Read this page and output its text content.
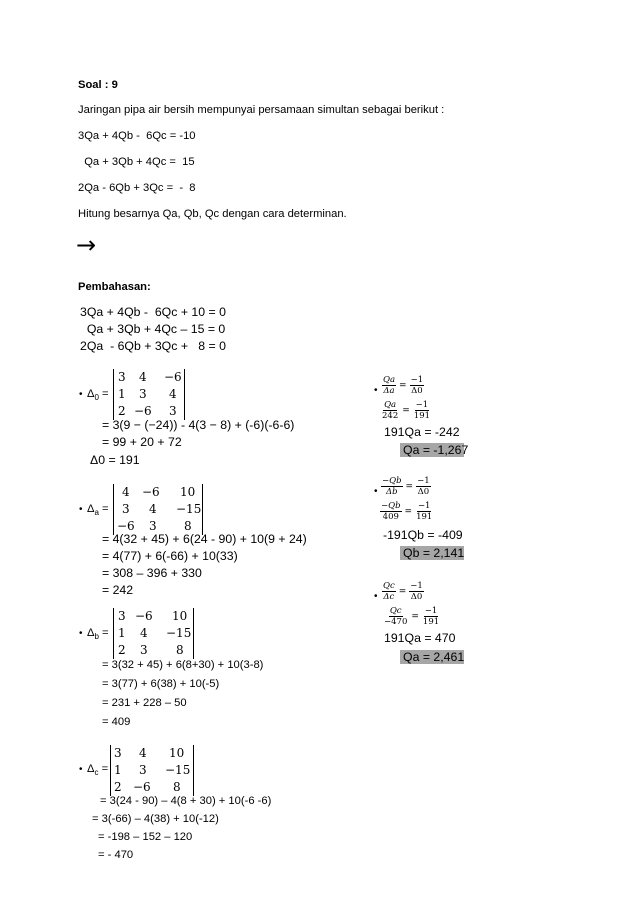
Soal : 9
Jaringan pipa air bersih mempunyai persamaan simultan sebagai berikut :
3Qa + 4Qb -  6Qc = -10
Qa + 3Qb + 4Qc =  15
2Qa - 6Qb + 3Qc =  -  8
Hitung besarnya Qa, Qb, Qc dengan cara determinan.
→
Pembahasan:
3Qa + 4Qb -  6Qc + 10 = 0
Qa + 3Qb + 4Qc – 15 = 0
2Qa  - 6Qb + 3Qc +   8 = 0
• $\Delta_0$ =
3 4 −6
1 3 4
2 −6 3
= 3(9 − (−24)) - 4(3 − 8) + (-6)(-6-6)
= 99 + 20 + 72
Δ0 = 191
• $\Delta_a$ =
4 −6 10
3 4 −15
−6 3 8
= 4(32 + 45) + 6(24 - 90) + 10(9 + 24)
= 4(77) + 6(-66) + 10(33)
= 308 – 396 + 330
= 242
• $\Delta_b$ =
3 −6 10
1 4 −15
2 3 8
= 3(32 + 45) + 6(8+30) + 10(3-8)
= 3(77) + 6(38) + 10(-5)
= 231 + 228 – 50
= 409
• $\Delta_c$ =
3 4 10
1 3 −15
2 −6 8
= 3(24 - 90) – 4(8 + 30) + 10(-6 -6)
= 3(-66) – 4(38) + 10(-12)
= -198 – 152 – 120
= - 470
• $\frac{Qa}{\Delta a} = \frac{-1}{\Delta 0}$
$\frac{Qa}{242} = \frac{-1}{191}$
191Qa = -242
Qa = -1,267
• $\frac{-Qb}{\Delta b} = \frac{-1}{\Delta 0}$
$\frac{-Qb}{409} = \frac{-1}{191}$
-191Qb = -409
Qb = 2,141
• $\frac{Qc}{\Delta c} = \frac{-1}{\Delta 0}$
$\frac{Qc}{-470} = \frac{-1}{191}$
191Qa = 470
Qa = 2,461
